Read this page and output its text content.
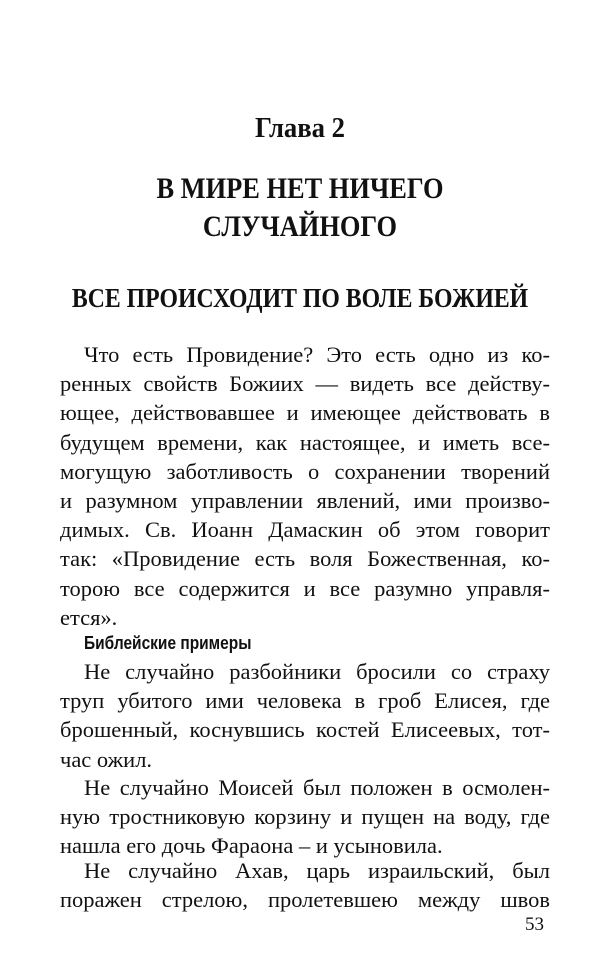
Глава 2
В МИРЕ НЕТ НИЧЕГО
СЛУЧАЙНОГО
ВСЕ ПРОИСХОДИТ ПО ВОЛЕ БОЖИЕЙ
Что есть Провидение? Это есть одно из ко-
ренных свойств Божиих — видеть все действу-
ющее, действовавшее и имеющее действовать в
будущем времени, как настоящее, и иметь все-
могущую заботливость о сохранении творений
и разумном управлении явлений, ими произво-
димых. Св. Иоанн Дамаскин об этом говорит
так: «Провидение есть воля Божественная, ко-
торою все содержится и все разумно управля-
ется».
Библейские примеры
Не случайно разбойники бросили со страху
труп убитого ими человека в гроб Елисея, где
брошенный, коснувшись костей Елисеевых, тот-
час ожил.
Не случайно Моисей был положен в осмолен-
ную тростниковую корзину и пущен на воду, где
нашла его дочь Фараона – и усыновила.
Не случайно Ахав, царь израильский, был
поражен стрелою, пролетевшею между швов
53
